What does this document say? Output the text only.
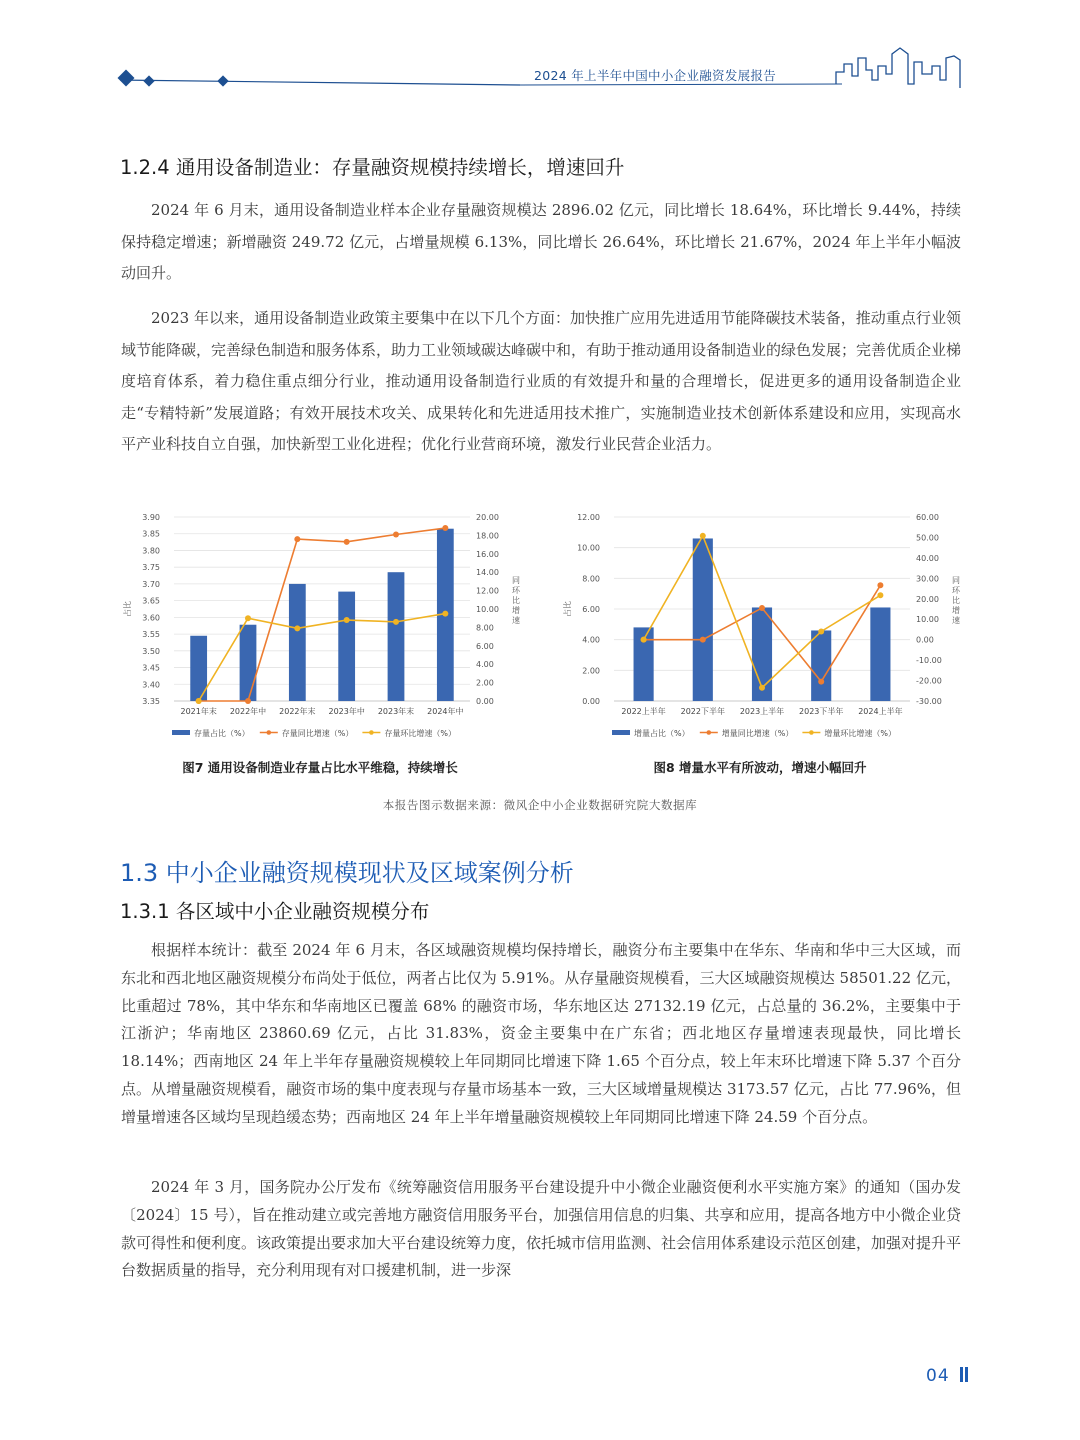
2024 年上半年中国中小企业融资发展报告
1.2.4 通用设备制造业：存量融资规模持续增长，增速回升

2024 年 6 月末，通用设备制造业样本企业存量融资规模达 2896.02 亿元，同比增长 18.64%，环比增长 9.44%，持续保持稳定增速；新增融资 249.72 亿元，占增量规模 6.13%，同比增长 26.64%，环比增长 21.67%，2024 年上半年小幅波动回升。

2023 年以来，通用设备制造业政策主要集中在以下几个方面：加快推广应用先进适用节能降碳技术装备，推动重点行业领域节能降碳，完善绿色制造和服务体系，助力工业领域碳达峰碳中和，有助于推动通用设备制造业的绿色发展；完善优质企业梯度培育体系，着力稳住重点细分行业，推动通用设备制造行业质的有效提升和量的合理增长，促进更多的通用设备制造企业走“专精特新”发展道路；有效开展技术攻关、成果转化和先进适用技术推广，实施制造业技术创新体系建设和应用，实现高水平产业科技自立自强，加快新型工业化进程；优化行业营商环境，激发行业民营企业活力。

3.90
3.85
3.80
3.75
3.70
3.65
3.60
3.55
3.50
3.45
3.40
3.35
20.00
18.00
16.00
14.00
12.00
10.00
8.00
6.00
4.00
2.00
0.00
占比
同环比增速
2021年末 2022年中 2022年末 2023年中 2023年末 2024年中
存量占比（%）	存量同比增速（%）	存量环比增速（%）
图7 通用设备制造业存量占比水平维稳，持续增长
12.00
10.00
8.00
6.00
4.00
2.00
0.00
60.00
50.00
40.00
30.00
20.00
10.00
0.00
-10.00
-20.00
-30.00
占比
同环比增速
2022上半年 2022下半年 2023上半年 2023下半年 2024上半年
增量占比（%）	增量同比增速（%）	增量环比增速（%）
图8 增量水平有所波动，增速小幅回升
本报告图示数据来源：微风企中小企业数据研究院大数据库
1.3 中小企业融资规模现状及区域案例分析
1.3.1 各区域中小企业融资规模分布

根据样本统计：截至 2024 年 6 月末，各区域融资规模均保持增长，融资分布主要集中在华东、华南和华中三大区域，而东北和西北地区融资规模分布尚处于低位，两者占比仅为 5.91%。从存量融资规模看，三大区域融资规模达 58501.22 亿元，比重超过 78%，其中华东和华南地区已覆盖 68% 的融资市场，华东地区达 27132.19 亿元，占总量的 36.2%，主要集中于江浙沪；华南地区 23860.69 亿元，占比 31.83%，资金主要集中在广东省；西北地区存量增速表现最快，同比增长 18.14%；西南地区 24 年上半年存量融资规模较上年同期同比增速下降 1.65 个百分点，较上年末环比增速下降 5.37 个百分点。从增量融资规模看，融资市场的集中度表现与存量市场基本一致，三大区域增量规模达 3173.57 亿元，占比 77.96%，但增量增速各区域均呈现趋缓态势；西南地区 24 年上半年增量融资规模较上年同期同比增速下降 24.59 个百分点。

2024 年 3 月，国务院办公厅发布《统筹融资信用服务平台建设提升中小微企业融资便利水平实施方案》的通知（国办发〔2024〕15 号），旨在推动建立或完善地方融资信用服务平台，加强信用信息的归集、共享和应用，提高各地方中小微企业贷款可得性和便利度。该政策提出要求加大平台建设统筹力度，依托城市信用监测、社会信用体系建设示范区创建，加强对提升平台数据质量的指导，充分利用现有对口援建机制，进一步深

04
